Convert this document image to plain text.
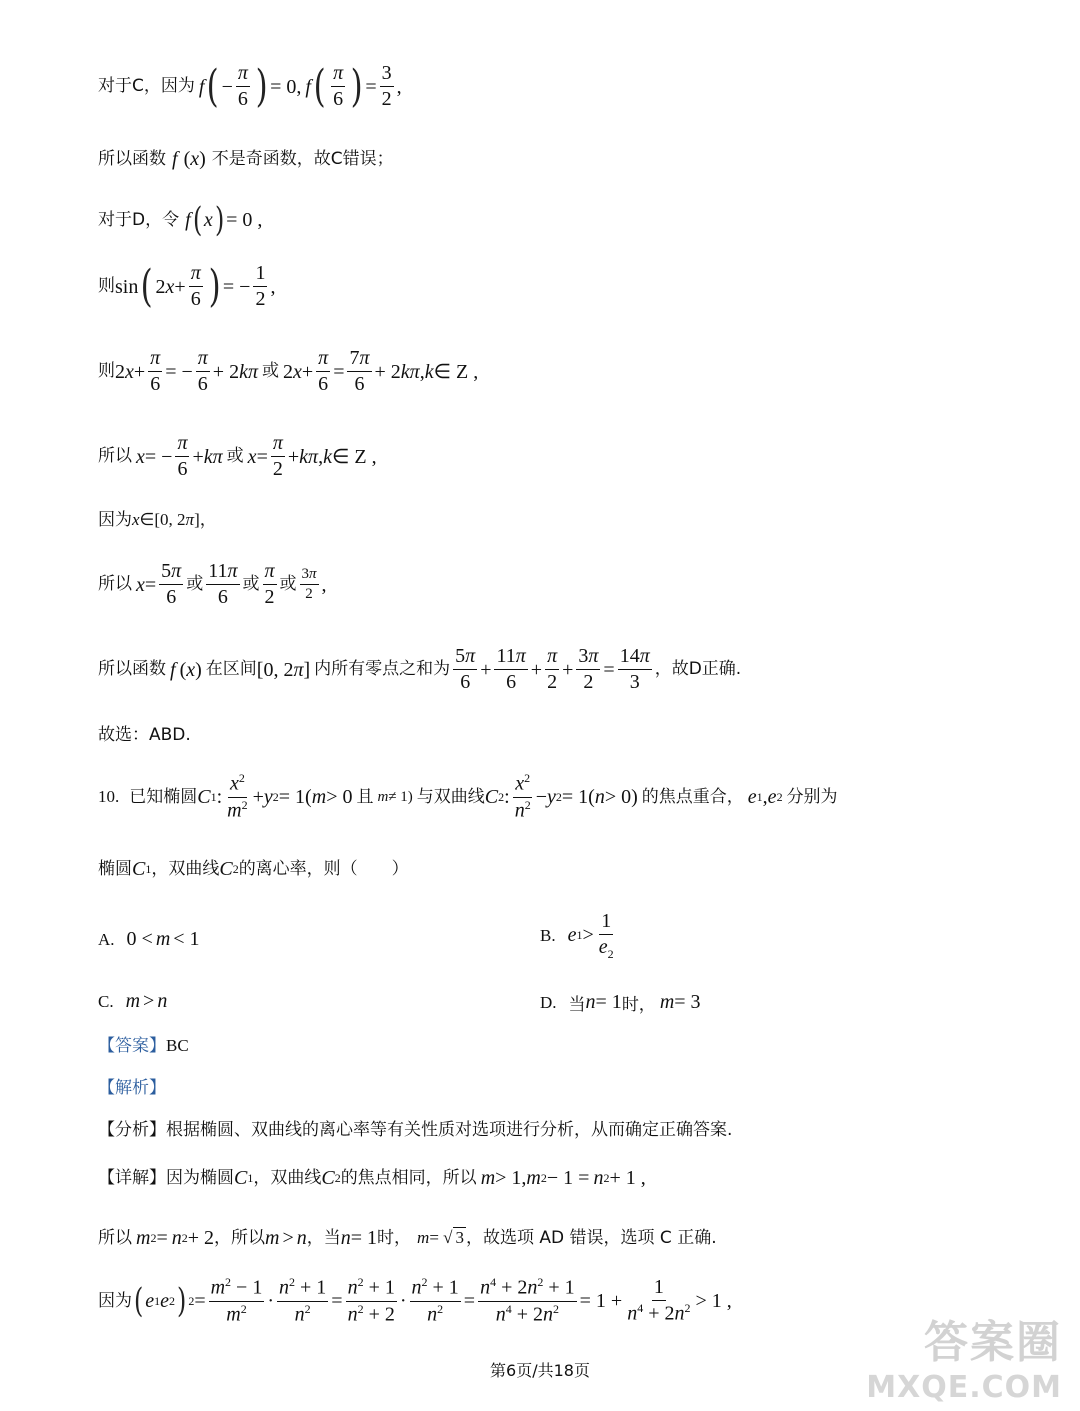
对于C，因为 f ( − $\frac{\pi}{6}$ ) = 0, f ( $\frac{\pi}{6}$ ) = $\frac{3}{2}$ ,
所以函数 f ( x ) 不是奇函数，故C错误；
对于D，令 f ( x ) = 0 ,
则 sin ( 2 $x + \frac{\pi}{6}$ ) = − $\frac{1}{2}$ ,
则 2 $x + \frac{\pi}{6}$ = − $\frac{\pi}{6} + 2$ kπ 或 2 $x + \frac{\pi}{6} = \frac{7\pi}{6} + 2$ kπ , k ∈ Z ,
所以 x = − $\frac{\pi}{6} + k\pi$ 或 $x = \frac{\pi}{2} + k\pi$ , k ∈ Z ,
因为 x ∈[0, 2 π ] ，
所以 $x = \frac{5\pi}{6}$ 或 $\frac{11\pi}{6}$ 或 $\frac{\pi}{2}$ 或 $\frac{3\pi}{2}$ ,
所以函数 f ( x ) 在区间 [0, 2 π ] 内所有零点之和为 $\frac{5\pi}{6} + \frac{11\pi}{6} + \frac{\pi}{2} + \frac{3\pi}{2} = \frac{14\pi}{3}$ ，故D正确.
故选：ABD.
10. 已知椭圆 C 1 : $\frac{x^2}{m^2} + y$ 2 = 1( m > 0 且 m ≠ 1) 与双曲线 C 2 : $\frac{x^2}{n^2} - y$ 2 = 1( n > 0) 的焦点重合， e 1 , e 2 分别为
椭圆 C 1 ，双曲线 C 2 的离心率，则（　　）
A. 0 < m < 1	B. e $1 > \frac{1}{e_2}$
C. m > n	D. 当 n = 1 时， m = 3
【答案】 BC
【解析】
【分析】 根据椭圆、双曲线的离心率等有关性质对选项进行分析，从而确定正确答案.
【详解】 因为椭圆 C 1 ，双曲线 C 2 的焦点相同，所以 m > 1, m 2 − 1 = n 2 + 1 ,
所以 m 2 = n 2 + 2 ，所以 m > n ，当 n = 1 时， m = √ 3 ，故选项 AD 错误，选项 C 正确.
因为 ( e 1 e 2 ) $2 = \frac{m^2 - 1}{m^2} \cdot \frac{n^2 + 1}{n^2} = \frac{n^2 + 1}{n^2 + 2} \cdot \frac{n^2 + 1}{n^2} = \frac{n^4 + 2n^2 + 1}{n^4 + 2n^2} = 1 + \frac{1}{n^4 + 2n^2} > 1$ ,
第6页/共18页
答案圈
MXQE.COM
